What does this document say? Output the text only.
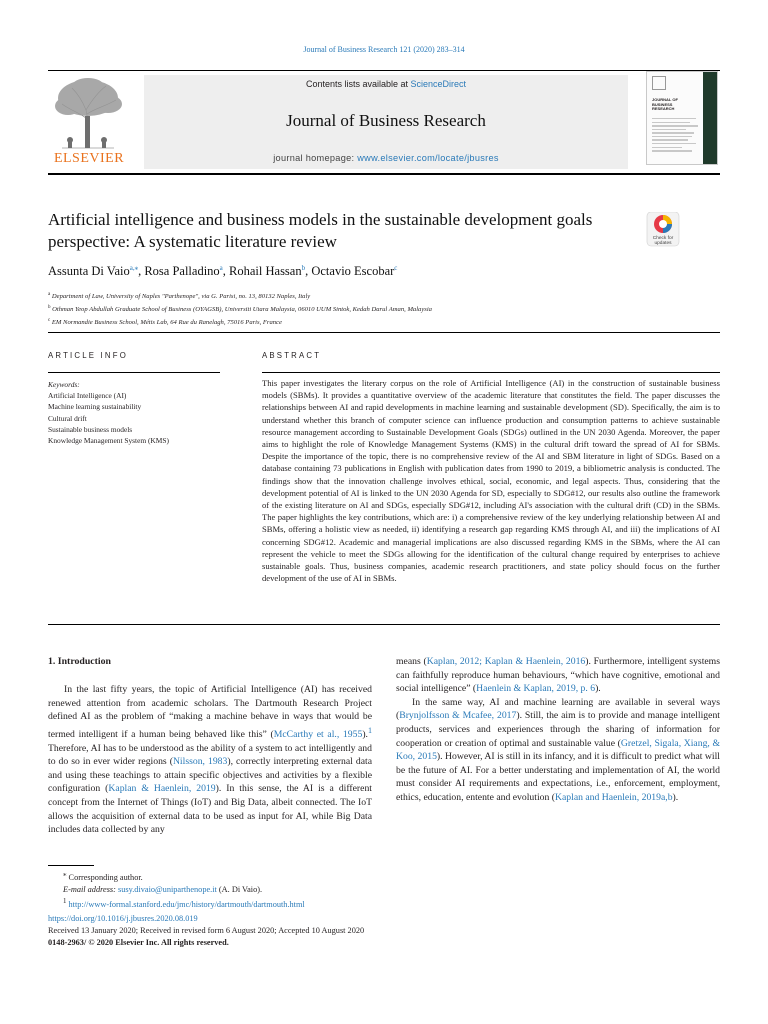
Journal of Business Research 121 (2020) 283–314
ELSEVIER
Contents lists available at ScienceDirect
Journal of Business Research
journal homepage: www.elsevier.com/locate/jbusres
JOURNAL OF BUSINESS RESEARCH
Artificial intelligence and business models in the sustainable development goals perspective: A systematic literature review	Check for updates
Assunta Di Vaio$^{a,⁎}$, Rosa Palladino$^a$, Rohail Hassan$^b$, Octavio Escobar$^c$
$^a$ Department of Law, University of Naples "Parthenope", via G. Parisi, no. 13, 80132 Naples, Italy
$^b$ Othman Yeop Abdullah Graduate School of Business (OYAGSB), Universiti Utara Malaysia, 06010 UUM Sintok, Kedah Darul Aman, Malaysia
$^c$ EM Normandie Business School, Métis Lab, 64 Rue du Ranelagh, 75016 Paris, France
ARTICLE INFO	ABSTRACT
Keywords:
Artificial Intelligence (AI)
Machine learning sustainability
Cultural drift
Sustainable business models
Knowledge Management System (KMS)
This paper investigates the literary corpus on the role of Artificial Intelligence (AI) in the construction of sustainable business models (SBMs). It provides a quantitative overview of the academic literature that constitutes the field. The paper discusses the relationships between AI and rapid developments in machine learning and sustainable development (SD). Specifically, the aim is to understand whether this branch of computer science can influence production and consumption patterns to achieve sustainable resource management according to Sustainable Development Goals (SDGs) outlined in the UN 2030 Agenda. Moreover, the paper aims to highlight the role of Knowledge Management Systems (KMS) in the cultural drift toward the spread of AI for SBMs. Despite the importance of the topic, there is no comprehensive review of the AI and SBM literature in light of SDGs. Based on a database containing 73 publications in English with publication dates from 1990 to 2019, a bibliometric analysis is conducted. The findings show that the innovation challenge involves ethical, social, economic, and legal aspects. Thus, considering that the development potential of AI is linked to the UN 2030 Agenda for SD, especially to SDG#12, our results also outline the framework of the existing literature on AI and SDGs, especially SDG#12, including AI's association with the cultural drift (CD) in the SBMs. The paper highlights the key contributions, which are: i) a comprehensive review of the key underlying relationship between AI and SBMs, offering a holistic view as needed, ii) identifying a research gap regarding KMS through AI, and iii) the implications of AI concerning SDG#12. Academic and managerial implications are also discussed regarding KMS in the SBMs, where the AI can represent the vehicle to meet the SDGs allowing for the identification of the cultural change required by enterprises to achieve sustainable goals. Thus, business companies, academic research practitioners, and state policy should focus on the further development of the use of AI in SBMs.
1. Introduction

In the last fifty years, the topic of Artificial Intelligence (AI) has received renewed attention from academic scholars. The Dartmouth Research Project defined AI as the problem of “making a machine behave in ways that would be termed intelligent if a human being behaved like this” (McCarthy et al., 1955).$^1$ Therefore, AI has to be understood as the ability of a system to act intelligently and to do so in ever wider regions (Nilsson, 1983), correctly interpreting external data and using these teachings to attain specific objectives and activities by a flexible configuration (Kaplan & Haenlein, 2019). In this sense, the AI is a different concept from the Internet of Things (IoT) and Big Data, albeit connected. The IoT allows the acquisition of external data to be used as input for AI, while Big Data includes data collected by any

means (Kaplan, 2012; Kaplan & Haenlein, 2016). Furthermore, intelligent systems can faithfully reproduce human behaviours, “which have cognitive, emotional and social intelligence” (Haenlein & Kaplan, 2019, p. 6).

In the same way, AI and machine learning are available in several ways (Brynjolfsson & Mcafee, 2017). Still, the aim is to provide and manage intelligent products, services and experiences through the sharing of information for cooperation or creation of optimal and sustainable value (Gretzel, Sigala, Xiang, & Koo, 2015). However, AI is still in its infancy, and it is difficult to predict what will be the future of AI. For a better understating and implementation of AI, the world must consider AI requirements and expectations, i.e., enforcement, employment, ethics, education, entente and evolution (Kaplan and Haenlein, 2019a,b).

⁎ Corresponding author.
E-mail address: susy.divaio@uniparthenope.it (A. Di Vaio).
$^1$ http://www-formal.stanford.edu/jmc/history/dartmouth/dartmouth.html
https://doi.org/10.1016/j.jbusres.2020.08.019
Received 13 January 2020; Received in revised form 6 August 2020; Accepted 10 August 2020
0148-2963/ © 2020 Elsevier Inc. All rights reserved.
